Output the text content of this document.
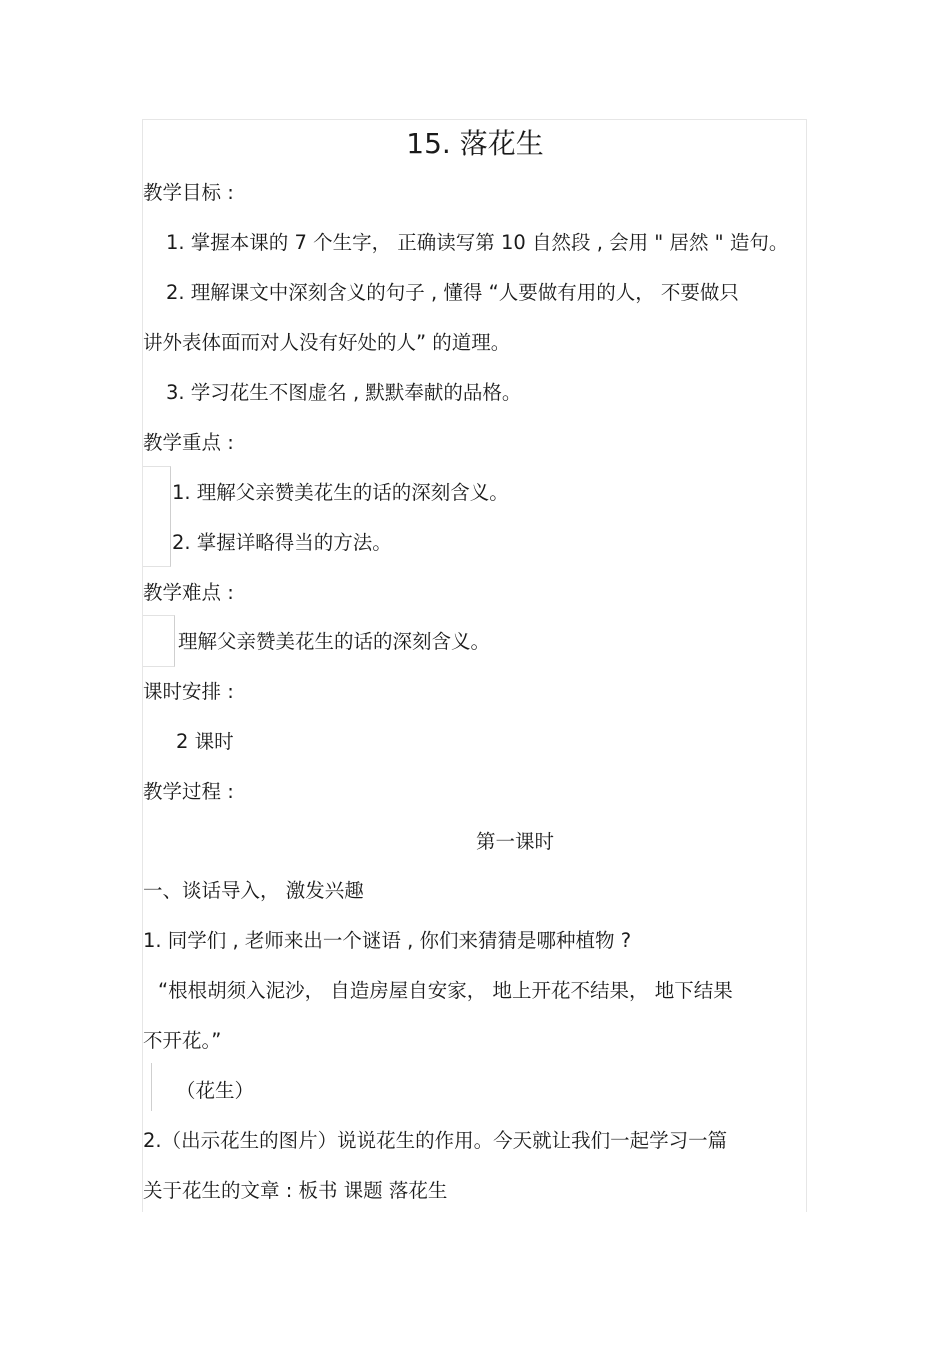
15. 落花生
教学目标 :
1. 掌握本课的 7 个生字， 正确读写第 10 自然段 , 会用 " 居然 " 造句。
2. 理解课文中深刻含义的句子 , 懂得 “人要做有用的人， 不要做只
讲外表体面而对人没有好处的人” 的道理。
3. 学习花生不图虚名 , 默默奉献的品格。
教学重点 :
1. 理解父亲赞美花生的话的深刻含义。
2. 掌握详略得当的方法。
教学难点 :
理解父亲赞美花生的话的深刻含义。
课时安排 :
2 课时
教学过程 :
第一课时
一、谈话导入， 激发兴趣
1. 同学们 , 老师来出一个谜语 , 你们来猜猜是哪种植物 ?
“根根胡须入泥沙， 自造房屋自安家， 地上开花不结果， 地下结果
不开花。”
（花生）
2.（出示花生的图片）说说花生的作用。今天就让我们一起学习一篇
关于花生的文章 : 板书 课题 落花生
